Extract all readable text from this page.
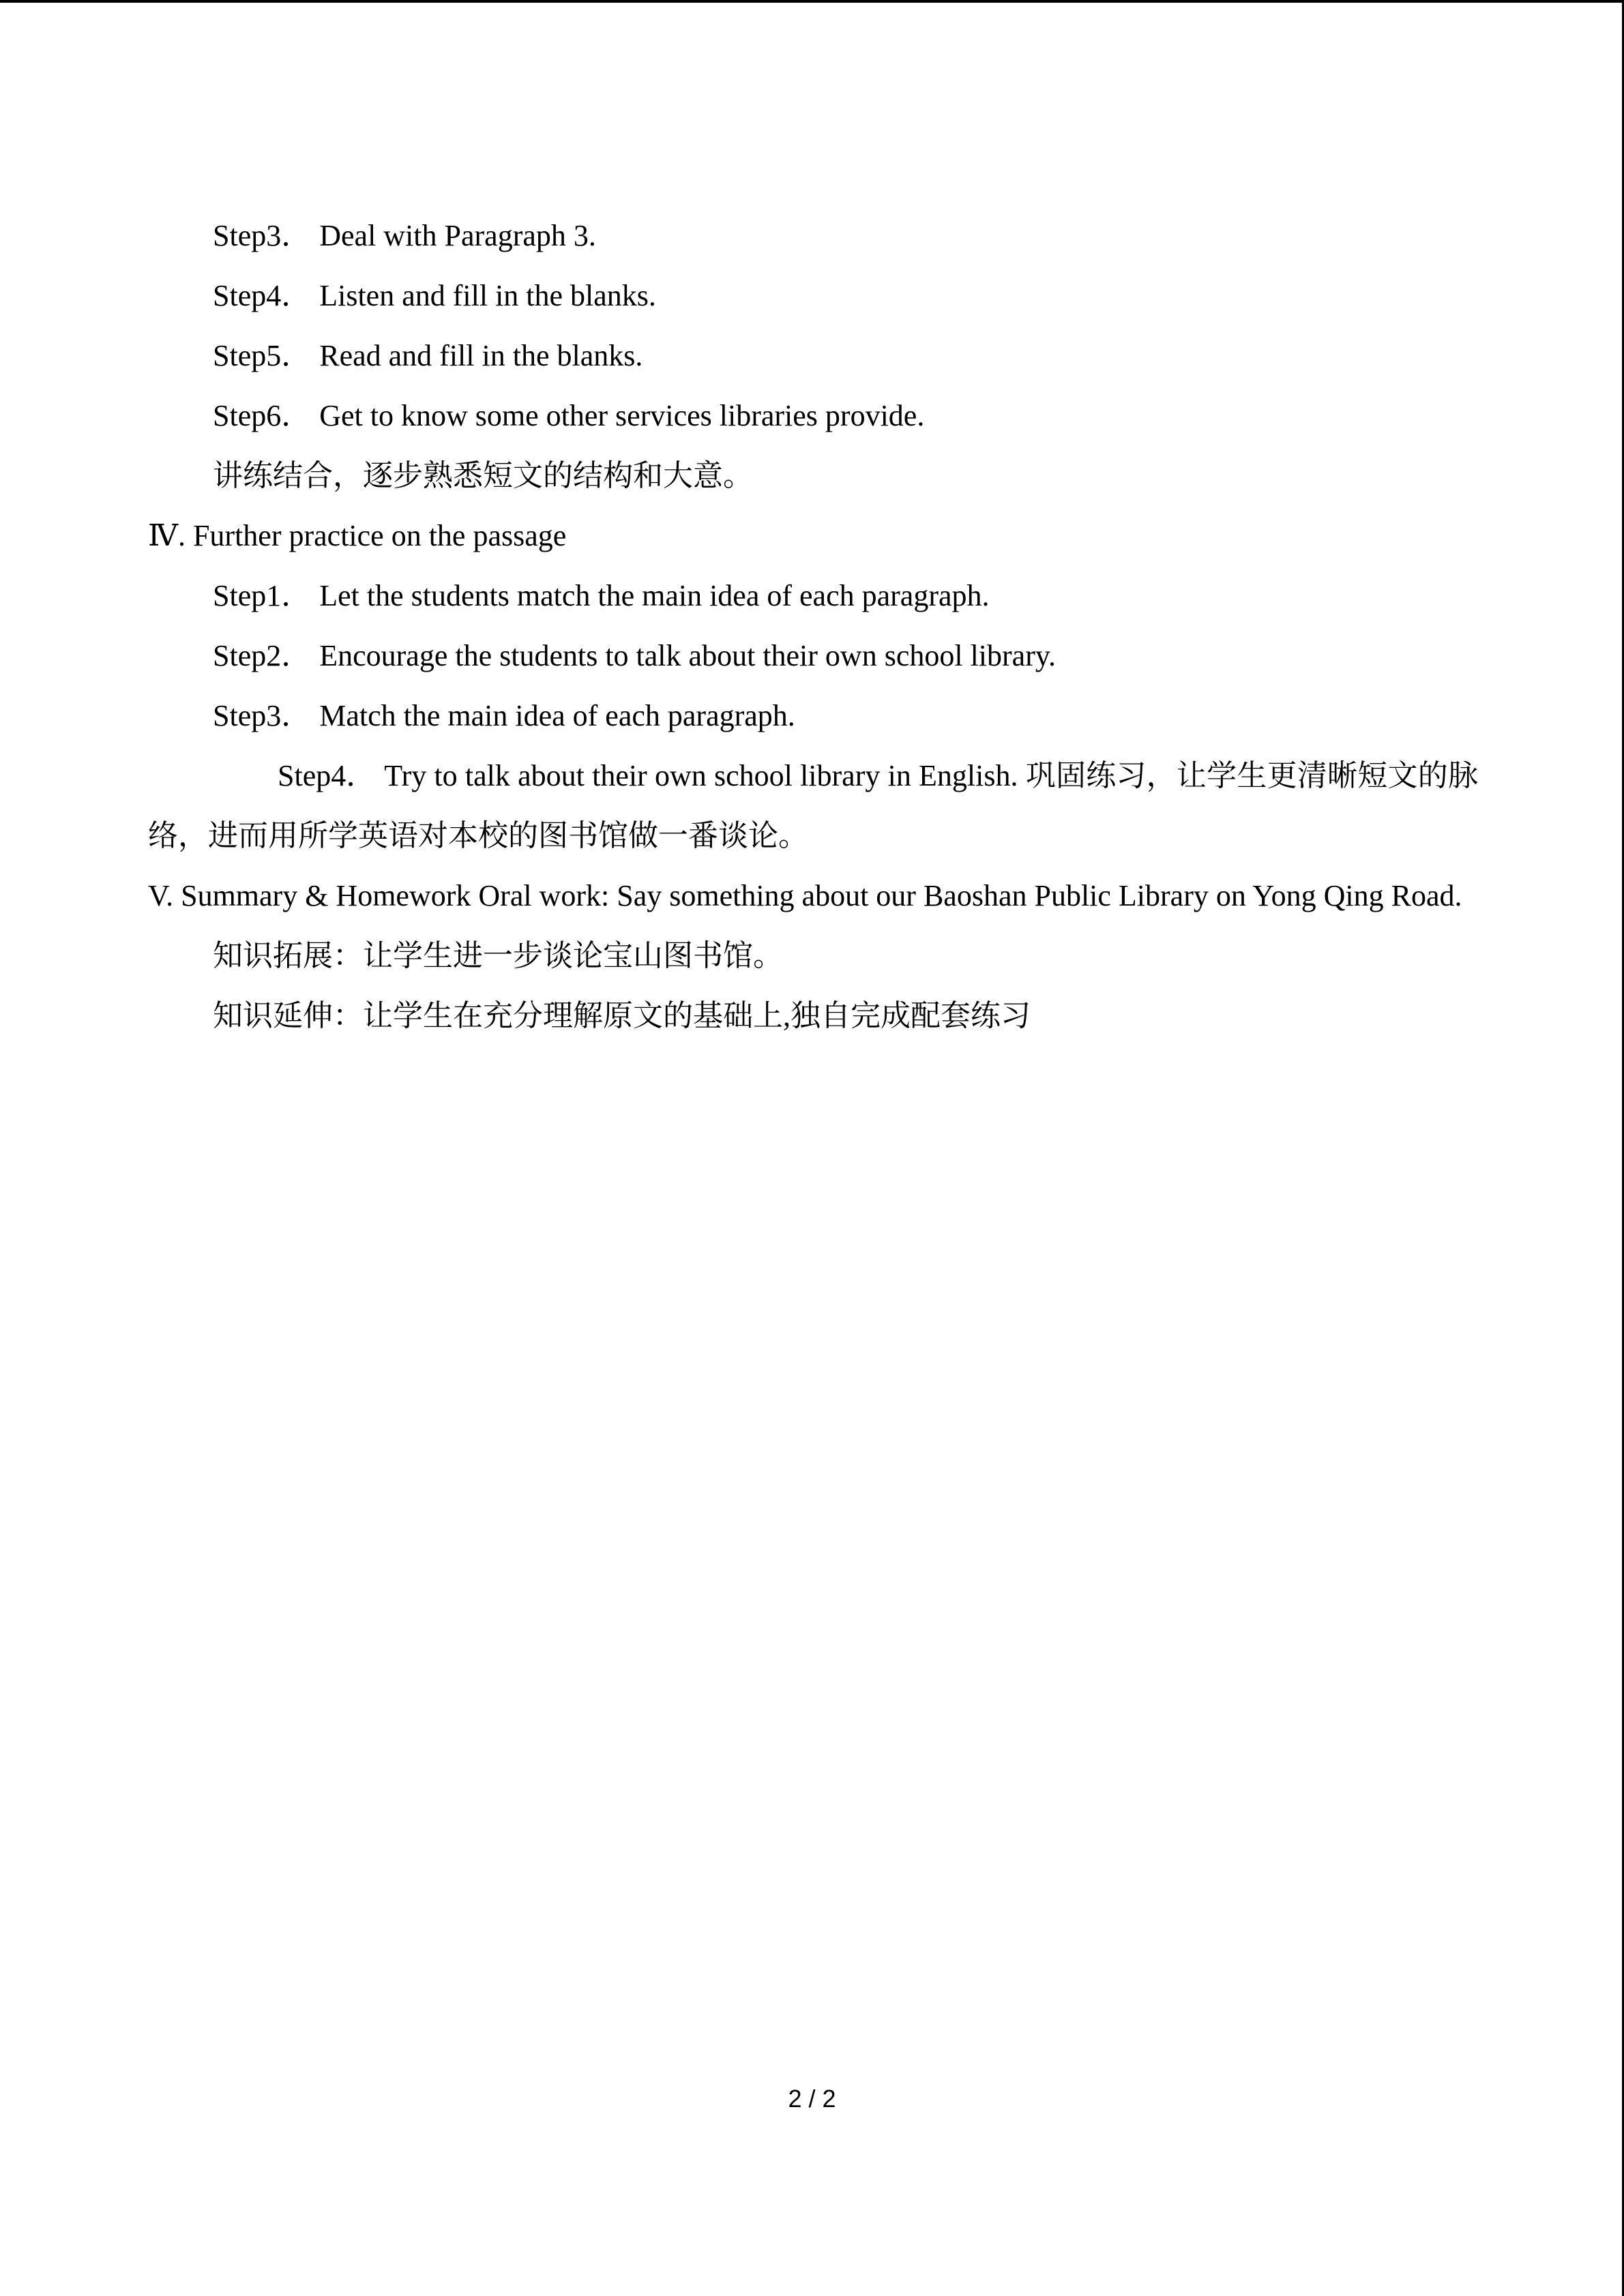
Step3． Deal with Paragraph 3.

Step4． Listen and fill in the blanks.

Step5． Read and fill in the blanks.

Step6． Get to know some other services libraries provide.

讲练结合，逐步熟悉短文的结构和大意。

Ⅳ. Further practice on the passage

Step1． Let the students match the main idea of each paragraph.

Step2． Encourage the students to talk about their own school library.

Step3． Match the main idea of each paragraph.

Step4． Try to talk about their own school library in English. 巩固练习，让学生更清晰短文的脉络，进而用所学英语对本校的图书馆做一番谈论。

V. Summary & Homework Oral work: Say something about our Baoshan Public Library on Yong Qing Road.

知识拓展：让学生进一步谈论宝山图书馆。

知识延伸：让学生在充分理解原文的基础上,独自完成配套练习

2 / 2
